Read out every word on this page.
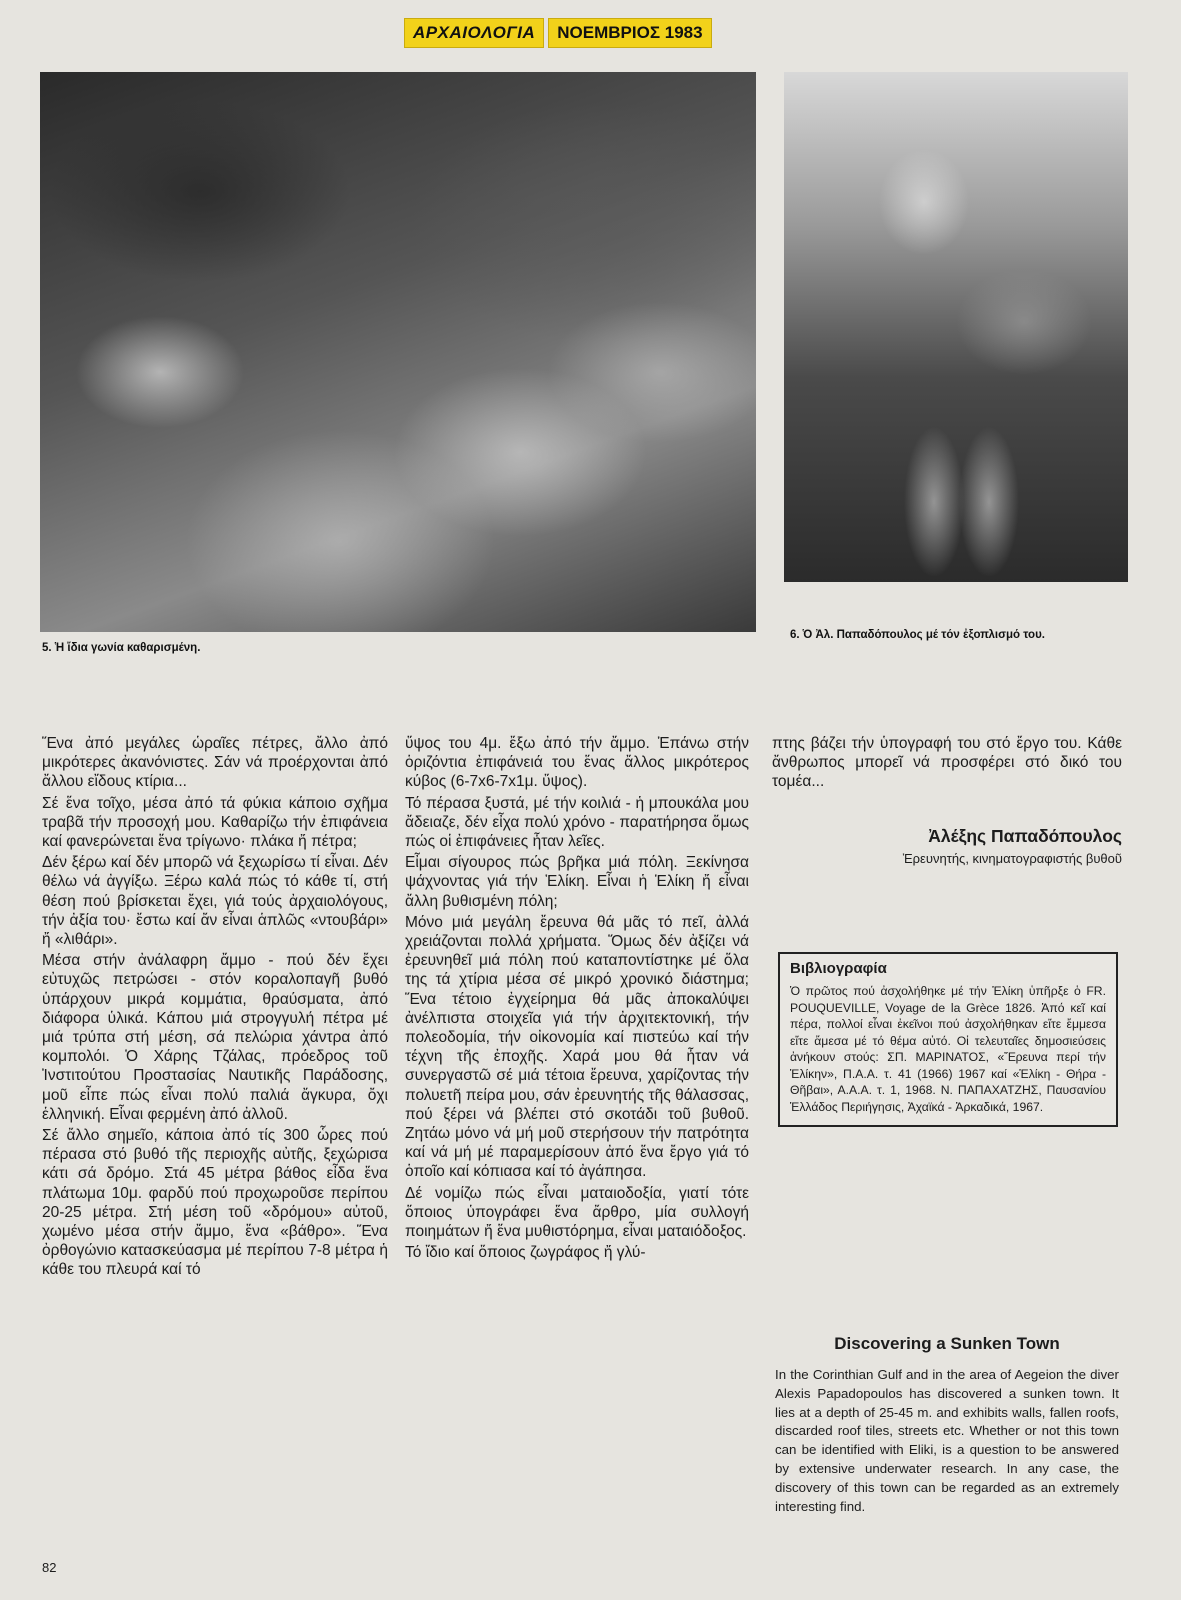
ΑΡΧΑΙΟΛΟΓΙΑ	ΝΟΕΜΒΡΙΟΣ 1983
5. Ἡ ἴδια γωνία καθαρισμένη.
6. Ὁ Ἀλ. Παπαδόπουλος μέ τόν ἐξοπλισμό του.

Ἕνα ἀπό μεγάλες ὡραῖες πέτρες, ἄλλο ἀπό μικρότερες ἀκανόνιστες. Σάν νά προέρχονται ἀπό ἄλλου εἴδους κτίρια...

Σέ ἕνα τοῖχο, μέσα ἀπό τά φύκια κάποιο σχῆμα τραβᾶ τήν προσοχή μου. Καθαρίζω τήν ἐπιφάνεια καί φανερώνεται ἕνα τρίγωνο· πλάκα ἤ πέτρα;

Δέν ξέρω καί δέν μπορῶ νά ξεχωρίσω τί εἶναι. Δέν θέλω νά ἀγγίξω. Ξέρω καλά πώς τό κάθε τί, στή θέση πού βρίσκεται ἔχει, γιά τούς ἀρχαιολόγους, τήν ἀξία του· ἔστω καί ἄν εἶναι ἁπλῶς «ντουβάρι» ἤ «λιθάρι».

Μέσα στήν ἀνάλαφρη ἄμμο - πού δέν ἔχει εὐτυχῶς πετρώσει - στόν κοραλοπαγῆ βυθό ὑπάρχουν μικρά κομμάτια, θραύσματα, ἀπό διάφορα ὑλικά. Κάπου μιά στρογγυλή πέτρα μέ μιά τρύπα στή μέση, σά πελώρια χάντρα ἀπό κομπολόι. Ὁ Χάρης Τζάλας, πρόεδρος τοῦ Ἰνστιτούτου Προστασίας Ναυτικῆς Παράδοσης, μοῦ εἶπε πώς εἶναι πολύ παλιά ἄγκυρα, ὄχι ἑλληνική. Εἶναι φερμένη ἀπό ἀλλοῦ.

Σέ ἄλλο σημεῖο, κάποια ἀπό τίς 300 ὧρες πού πέρασα στό βυθό τῆς περιοχῆς αὐτῆς, ξεχώρισα κάτι σά δρόμο. Στά 45 μέτρα βάθος εἶδα ἕνα πλάτωμα 10μ. φαρδύ πού προχωροῦσε περίπου 20-25 μέτρα. Στή μέση τοῦ «δρόμου» αὐτοῦ, χωμένο μέσα στήν ἄμμο, ἕνα «βάθρο». Ἕνα ὀρθογώνιο κατασκεύασμα μέ περίπου 7-8 μέτρα ἡ κάθε του πλευρά καί τό

ὕψος του 4μ. ἔξω ἀπό τήν ἄμμο. Ἐπάνω στήν ὁριζόντια ἐπιφάνειά του ἕνας ἄλλος μικρότερος κύβος (6-7x6-7x1μ. ὕψος).

Τό πέρασα ξυστά, μέ τήν κοιλιά - ἡ μπουκάλα μου ἄδειαζε, δέν εἶχα πολύ χρόνο - παρατήρησα ὅμως πώς οἱ ἐπιφάνειες ἦταν λεῖες.

Εἶμαι σίγουρος πώς βρῆκα μιά πόλη. Ξεκίνησα ψάχνοντας γιά τήν Ἑλίκη. Εἶναι ἡ Ἑλίκη ἤ εἶναι ἄλλη βυθισμένη πόλη;

Μόνο μιά μεγάλη ἔρευνα θά μᾶς τό πεῖ, ἀλλά χρειάζονται πολλά χρήματα. Ὅμως δέν ἀξίζει νά ἐρευνηθεῖ μιά πόλη πού καταποντίστηκε μέ ὅλα της τά χτίρια μέσα σέ μικρό χρονικό διάστημα; Ἕνα τέτοιο ἐγχείρημα θά μᾶς ἀποκαλύψει ἀνέλπιστα στοιχεῖα γιά τήν ἀρχιτεκτονική, τήν πολεοδομία, τήν οἰκονομία καί πιστεύω καί τήν τέχνη τῆς ἐποχῆς. Χαρά μου θά ἦταν νά συνεργαστῶ σέ μιά τέτοια ἔρευνα, χαρίζοντας τήν πολυετῆ πείρα μου, σάν ἐρευνητής τῆς θάλασσας, πού ξέρει νά βλέπει στό σκοτάδι τοῦ βυθοῦ. Ζητάω μόνο νά μή μοῦ στερήσουν τήν πατρότητα καί νά μή μέ παραμερίσουν ἀπό ἕνα ἔργο γιά τό ὁποῖο καί κόπιασα καί τό ἀγάπησα.

Δέ νομίζω πώς εἶναι ματαιοδοξία, γιατί τότε ὅποιος ὑπογράφει ἕνα ἄρθρο, μία συλλογή ποιημάτων ἤ ἕνα μυθιστόρημα, εἶναι ματαιόδοξος.

Τό ἴδιο καί ὅποιος ζωγράφος ἤ γλύ-

πτης βάζει τήν ὑπογραφή του στό ἔργο του. Κάθε ἄνθρωπος μπορεῖ νά προσφέρει στό δικό του τομέα...

Ἀλέξης Παπαδόπουλος
Ἐρευνητής, κινηματογραφιστής βυθοῦ
Βιβλιογραφία
Ὁ πρῶτος πού ἀσχολήθηκε μέ τήν Ἑλίκη ὑπῆρξε ὁ FR. POUQUEVILLE, Voyage de la Grèce 1826. Ἀπό κεῖ καί πέρα, πολλοί εἶναι ἐκεῖνοι πού ἀσχολήθηκαν εἴτε ἔμμεσα εἴτε ἄμεσα μέ τό θέμα αὐτό. Οἱ τελευταῖες δημοσιεύσεις ἀνήκουν στούς: ΣΠ. ΜΑΡΙΝΑΤΟΣ, «Ἔρευνα περί τήν Ἑλίκην», Π.Α.Α. τ. 41 (1966) 1967 καί «Ἑλίκη - Θήρα - Θῆβαι», Α.Α.Α. τ. 1, 1968. Ν. ΠΑΠΑΧΑΤΖΗΣ, Παυσανίου Ἑλλάδος Περιήγησις, Ἀχαϊκά - Ἀρκαδικά, 1967.
Discovering a Sunken Town
In the Corinthian Gulf and in the area of Aegeion the diver Alexis Papadopoulos has discovered a sunken town. It lies at a depth of 25-45 m. and exhibits walls, fallen roofs, discarded roof tiles, streets etc. Whether or not this town can be identified with Eliki, is a question to be answered by extensive underwater research. In any case, the discovery of this town can be regarded as an extremely interesting find.
82
